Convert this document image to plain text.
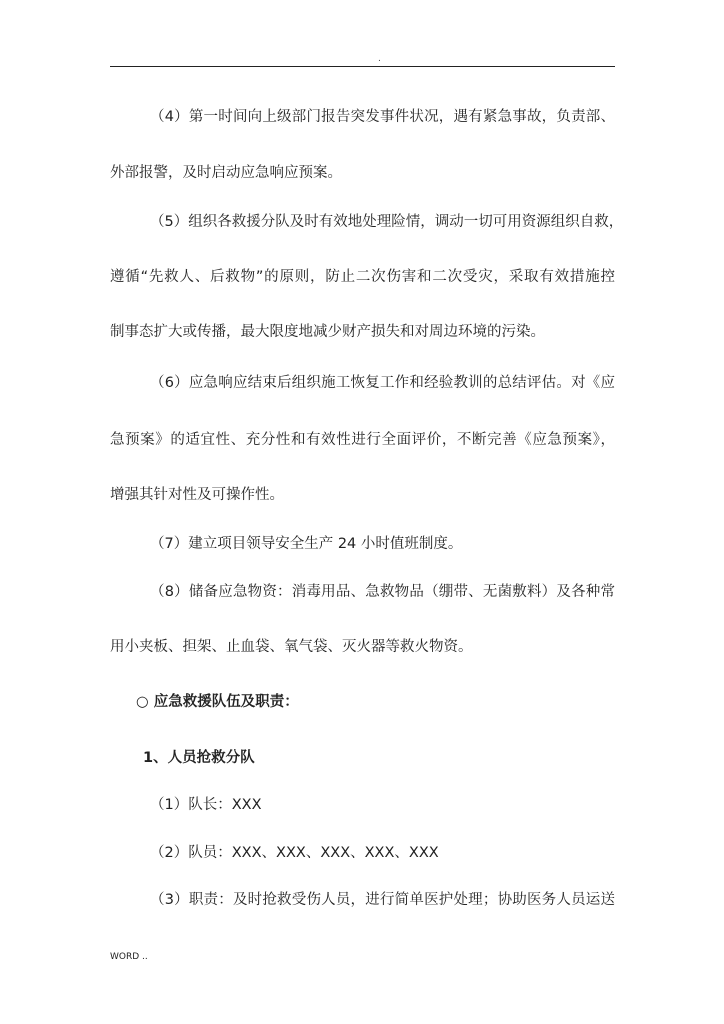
.
（4）第一时间向上级部门报告突发事件状况，遇有紧急事故，负责部、
外部报警，及时启动应急响应预案。
（5）组织各救援分队及时有效地处理险情，调动一切可用资源组织自救，
遵循“先救人、后救物”的原则，防止二次伤害和二次受灾，采取有效措施控
制事态扩大或传播，最大限度地减少财产损失和对周边环境的污染。
（6）应急响应结束后组织施工恢复工作和经验教训的总结评估。对《应
急预案》的适宜性、充分性和有效性进行全面评价，不断完善《应急预案》，
增强其针对性及可操作性。
（7）建立项目领导安全生产 24 小时值班制度。
（8）储备应急物资：消毒用品、急救物品（绷带、无菌敷料）及各种常
用小夹板、担架、止血袋、氧气袋、灭火器等救火物资。
○ 应急救援队伍及职责：
1、人员抢救分队
（1）队长：XXX
（2）队员：XXX、XXX、XXX、XXX、XXX
（3）职责：及时抢救受伤人员，进行简单医护处理；协助医务人员运送
WORD ..
